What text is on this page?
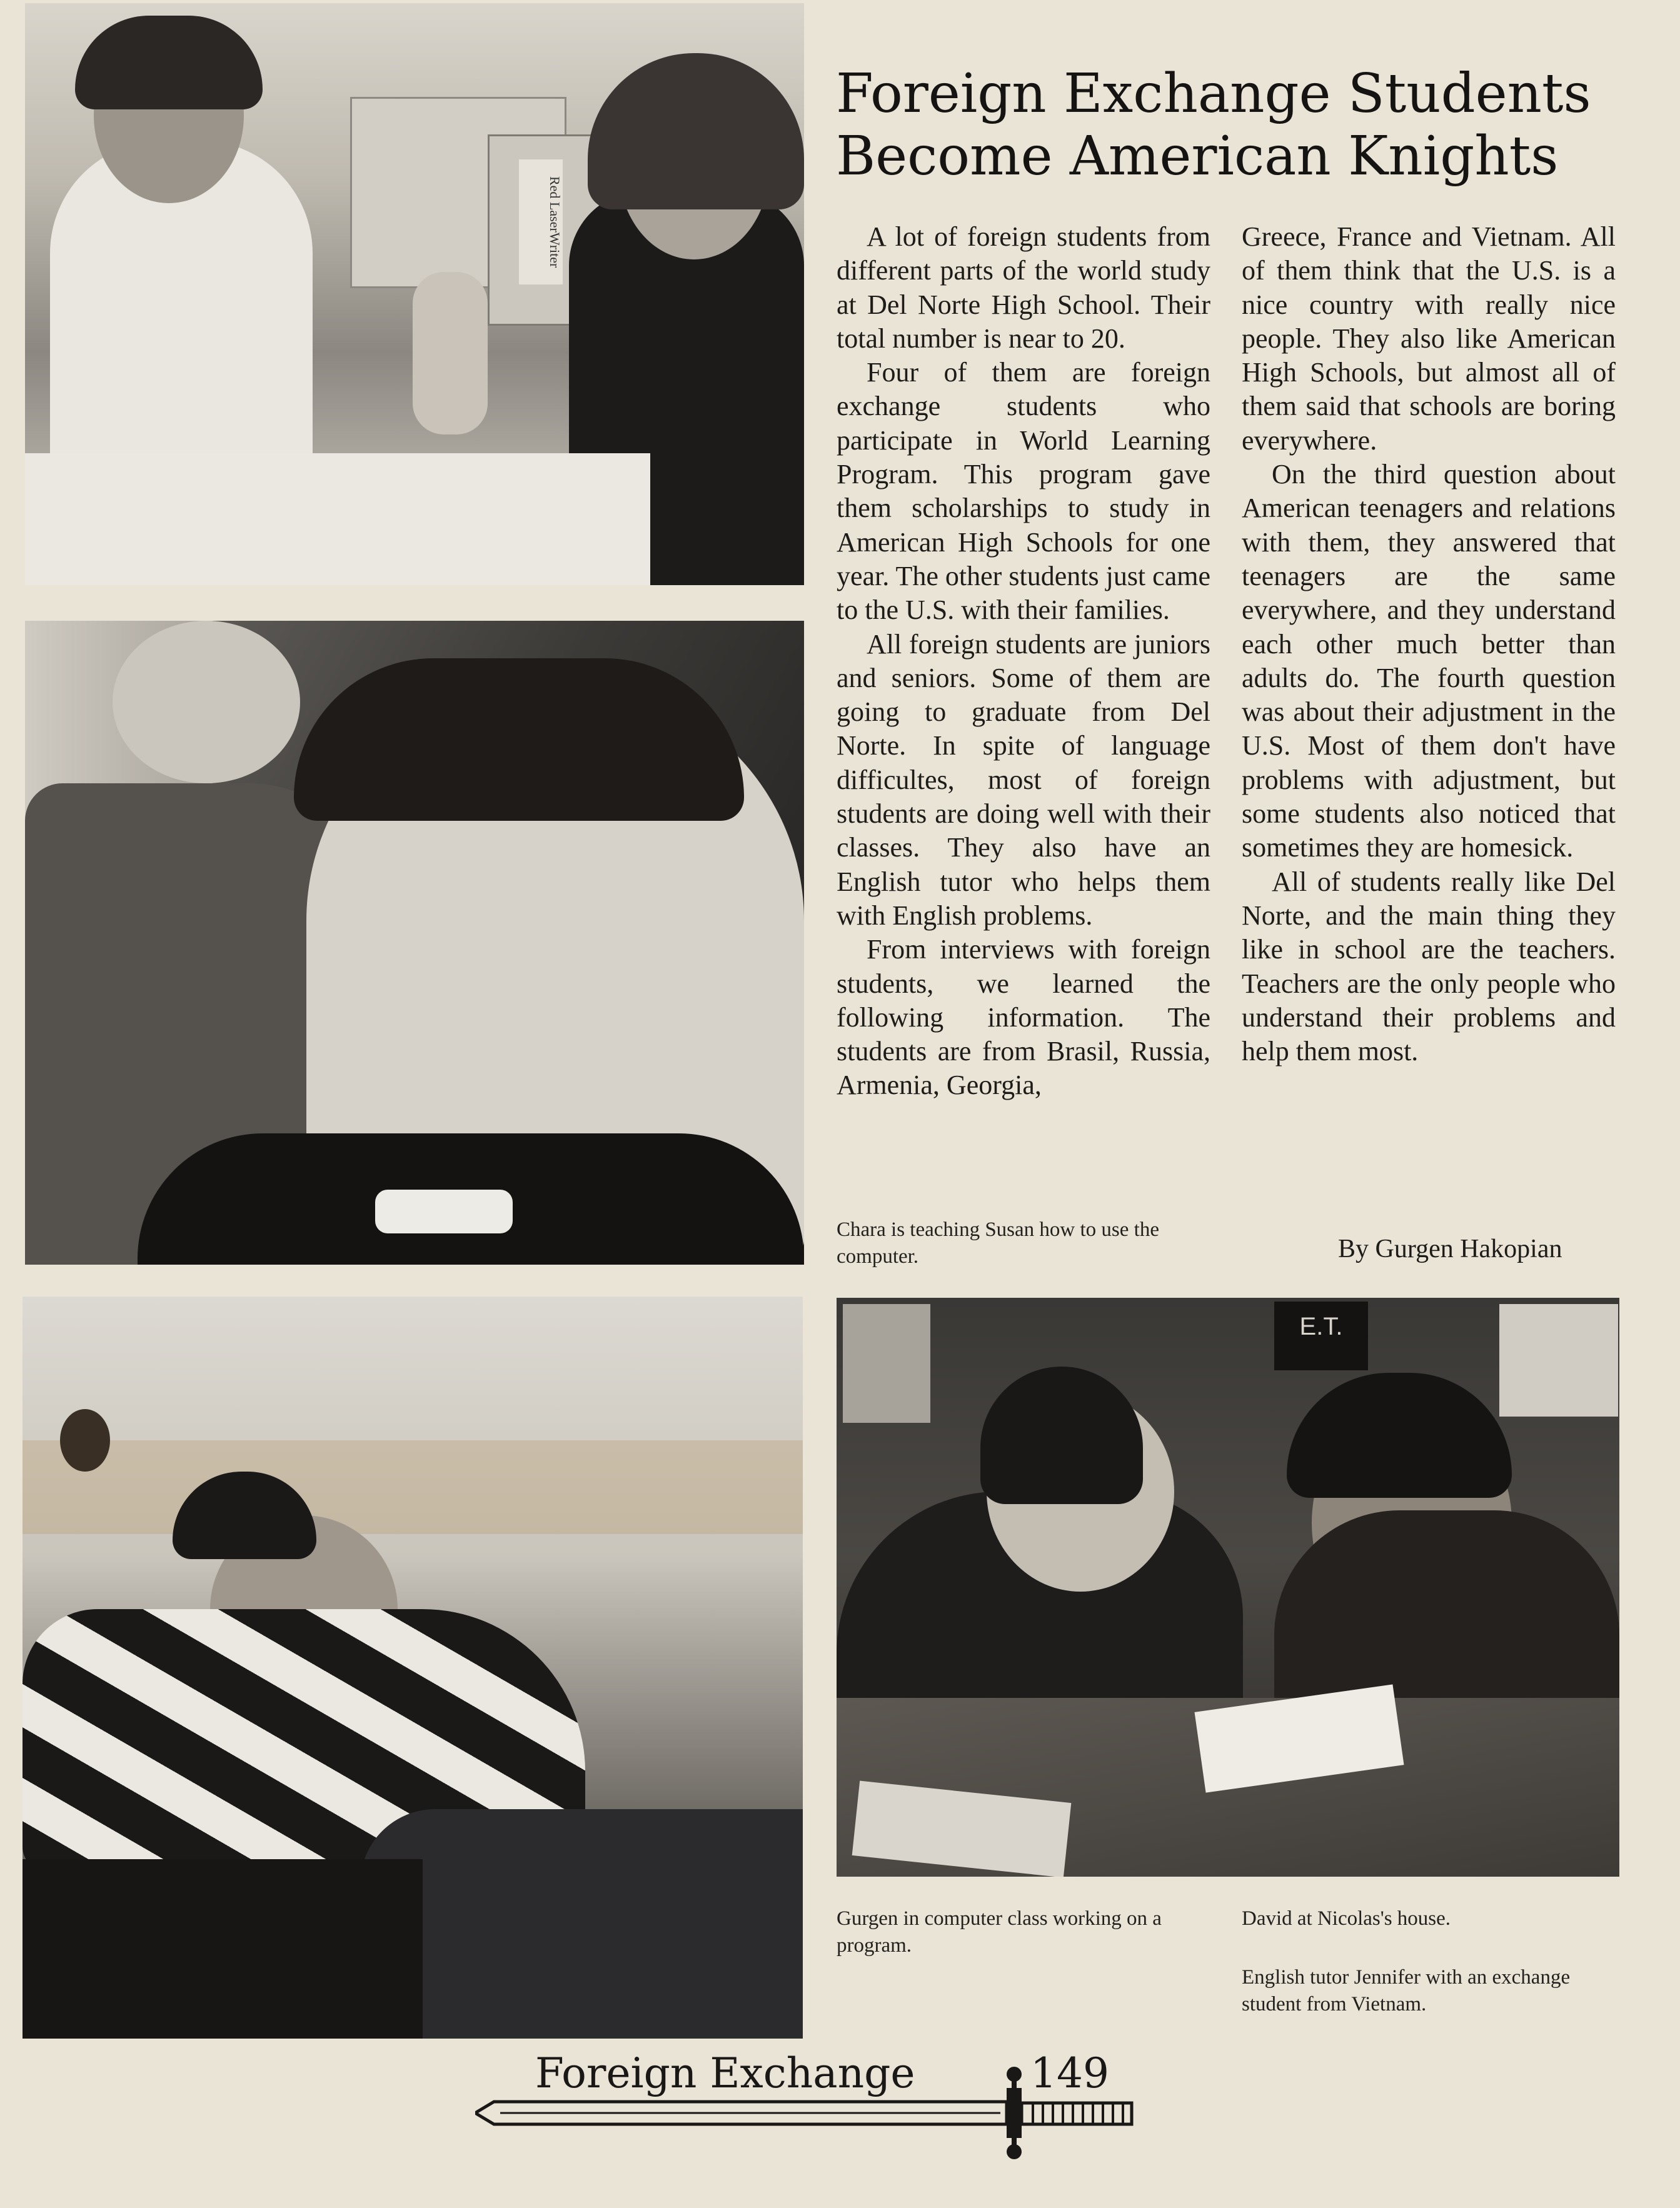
Red LaserWriter
E.T.
Foreign Exchange Students
Become American Knights

A lot of foreign students from different parts of the world study at Del Norte High School. Their total number is near to 20.

Four of them are foreign exchange students who participate in World Learning Program. This program gave them scholarships to study in American High Schools for one year. The other students just came to the U.S. with their families.

All foreign students are juniors and seniors. Some of them are going to graduate from Del Norte. In spite of language difficultes, most of foreign students are doing well with their classes. They also have an English tutor who helps them with English problems.

From interviews with foreign students, we learned the following information. The students are from Brasil, Russia, Armenia, Georgia,

Greece, France and Vietnam. All of them think that the U.S. is a nice country with really nice people. They also like American High Schools, but almost all of them said that schools are boring everywhere.

On the third question about American teenagers and relations with them, they answered that teenagers are the same everywhere, and they understand each other much better than adults do. The fourth question was about their adjustment in the U.S. Most of them don't have problems with adjustment, but some students also noticed that sometimes they are homesick.

All of students really like Del Norte, and the main thing they like in school are the teachers. Teachers are the only people who understand their problems and help them most.

By Gurgen Hakopian
Chara is teaching Susan how to use the computer.
Gurgen in computer class working on a program.
David at Nicolas's house.
English tutor Jennifer with an exchange student from Vietnam.
Foreign Exchange	149
